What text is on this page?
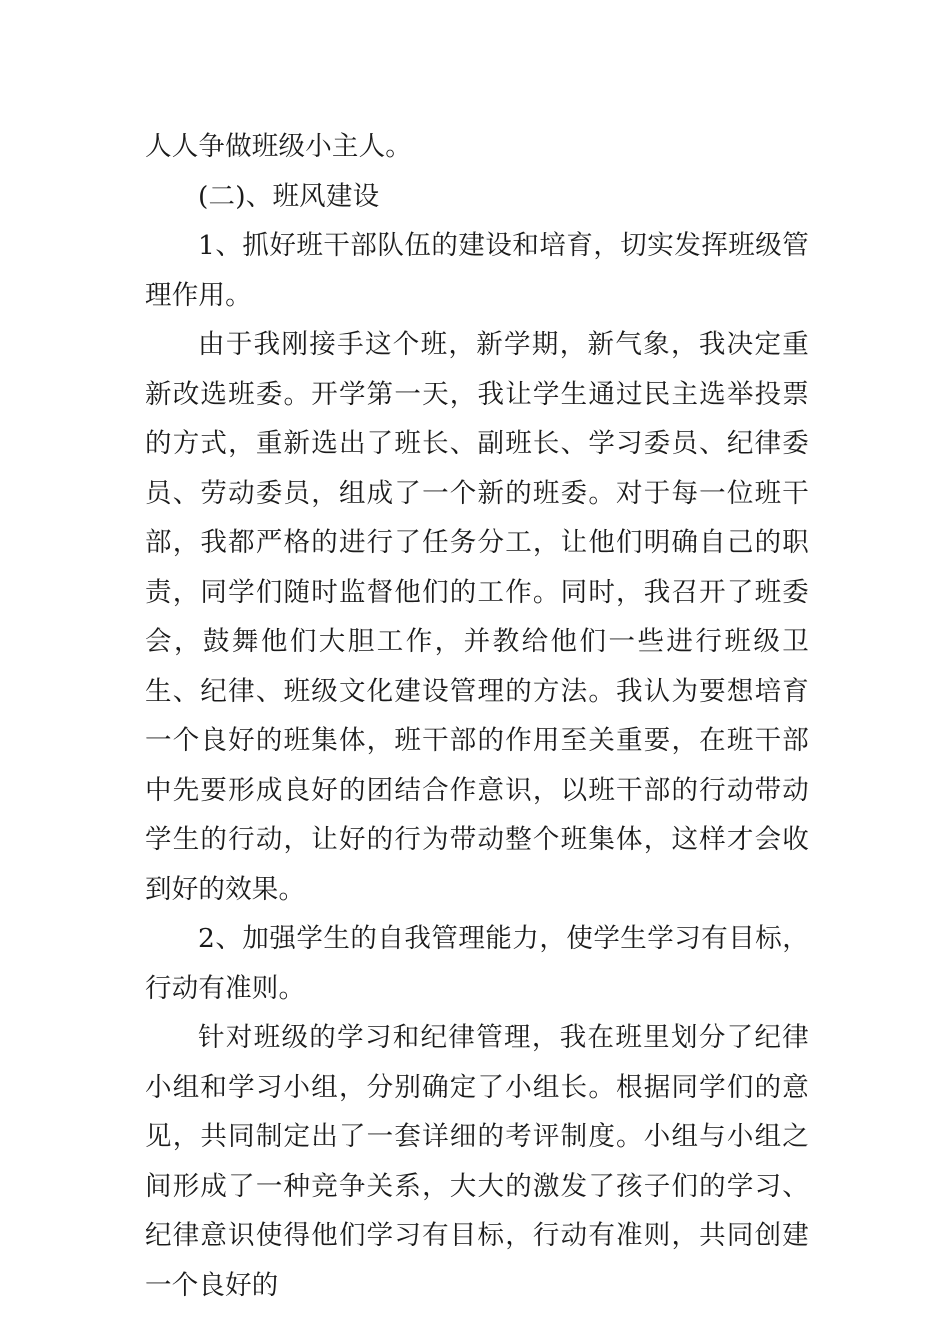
人人争做班级小主人。

(二)、班风建设

1、抓好班干部队伍的建设和培育，切实发挥班级管理作用。

由于我刚接手这个班，新学期，新气象，我决定重新改选班委。开学第一天，我让学生通过民主选举投票的方式，重新选出了班长、副班长、学习委员、纪律委员、劳动委员，组成了一个新的班委。对于每一位班干部，我都严格的进行了任务分工，让他们明确自己的职责，同学们随时监督他们的工作。同时，我召开了班委会，鼓舞他们大胆工作，并教给他们一些进行班级卫生、纪律、班级文化建设管理的方法。我认为要想培育一个良好的班集体，班干部的作用至关重要，在班干部中先要形成良好的团结合作意识，以班干部的行动带动学生的行动，让好的行为带动整个班集体，这样才会收到好的效果。

2、加强学生的自我管理能力，使学生学习有目标，行动有准则。

针对班级的学习和纪律管理，我在班里划分了纪律小组和学习小组，分别确定了小组长。根据同学们的意见，共同制定出了一套详细的考评制度。小组与小组之间形成了一种竞争关系，大大的激发了孩子们的学习、纪律意识使得他们学习有目标，行动有准则，共同创建一个良好的
